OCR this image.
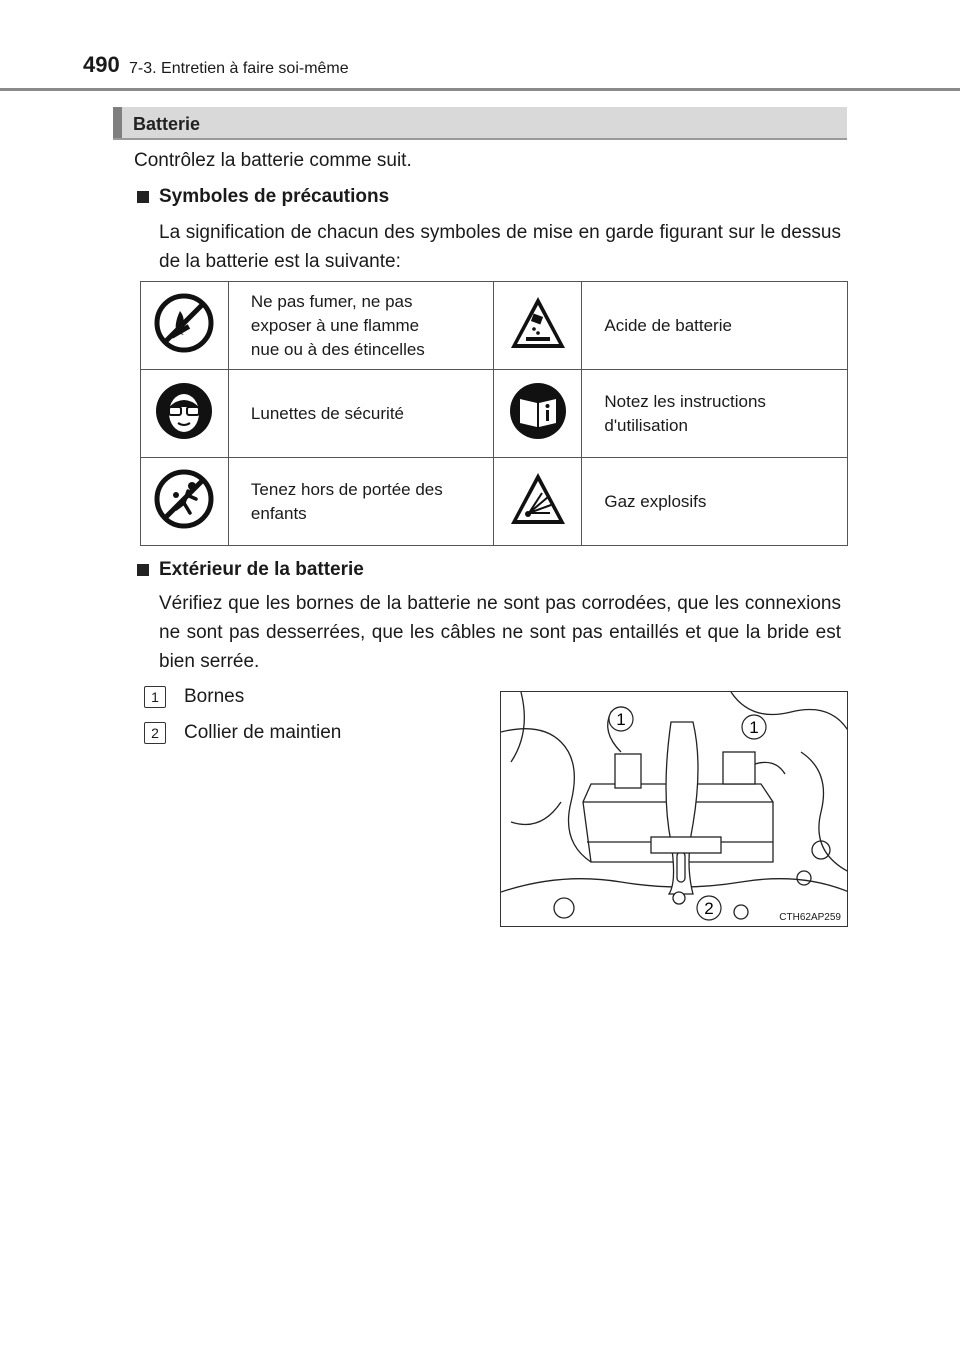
490 7-3. Entretien à faire soi-même
Batterie
Contrôlez la batterie comme suit.
Symboles de précautions
La signification de chacun des symboles de mise en garde figurant sur le dessus de la batterie est la suivante:

Ne pas fumer, ne pas
exposer à une flamme
nue ou à des étincelles		Acide de batterie

Lunettes de sécurité		Notez les instructions
d'utilisation

Tenez hors de portée des
enfants		Gaz explosifs
Extérieur de la batterie
Vérifiez que les bornes de la batterie ne sont pas corrodées, que les connexions ne sont pas desserrées, que les câbles ne sont pas entaillés et que la bride est bien serrée.
1	Bornes
2	Collier de maintien
1	1
2	CTH62AP259
